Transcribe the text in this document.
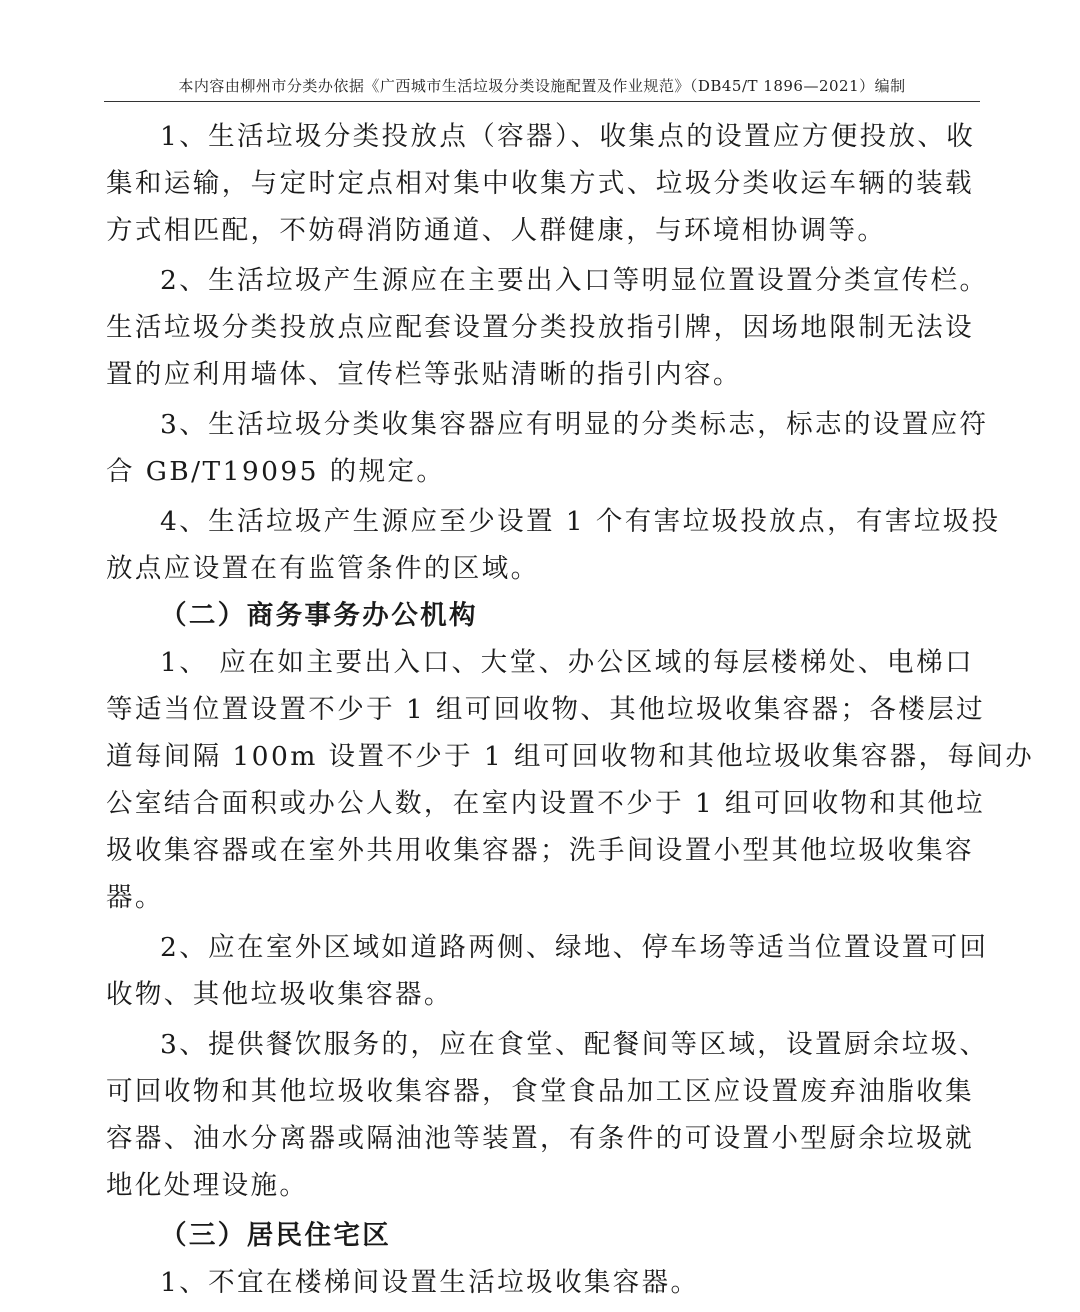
本内容由柳州市分类办依据《广西城市生活垃圾分类设施配置及作业规范》（DB45/T 1896—2021）编制
1、生活垃圾分类投放点（容器）、收集点的设置应方便投放、收
集和运输，与定时定点相对集中收集方式、垃圾分类收运车辆的装载
方式相匹配，不妨碍消防通道、人群健康，与环境相协调等。
2、生活垃圾产生源应在主要出入口等明显位置设置分类宣传栏。
生活垃圾分类投放点应配套设置分类投放指引牌，因场地限制无法设
置的应利用墙体、宣传栏等张贴清晰的指引内容。
3、生活垃圾分类收集容器应有明显的分类标志，标志的设置应符
合 GB/T19095 的规定。
4、生活垃圾产生源应至少设置 1 个有害垃圾投放点，有害垃圾投
放点应设置在有监管条件的区域。
（二）商务事务办公机构
1、 应在如主要出入口、大堂、办公区域的每层楼梯处、电梯口
等适当位置设置不少于 1 组可回收物、其他垃圾收集容器；各楼层过
道每间隔 100m 设置不少于 1 组可回收物和其他垃圾收集容器，每间办
公室结合面积或办公人数，在室内设置不少于 1 组可回收物和其他垃
圾收集容器或在室外共用收集容器；洗手间设置小型其他垃圾收集容
器。
2、应在室外区域如道路两侧、绿地、停车场等适当位置设置可回
收物、其他垃圾收集容器。
3、提供餐饮服务的，应在食堂、配餐间等区域，设置厨余垃圾、
可回收物和其他垃圾收集容器，食堂食品加工区应设置废弃油脂收集
容器、油水分离器或隔油池等装置，有条件的可设置小型厨余垃圾就
地化处理设施。
（三）居民住宅区
1、不宜在楼梯间设置生活垃圾收集容器。
